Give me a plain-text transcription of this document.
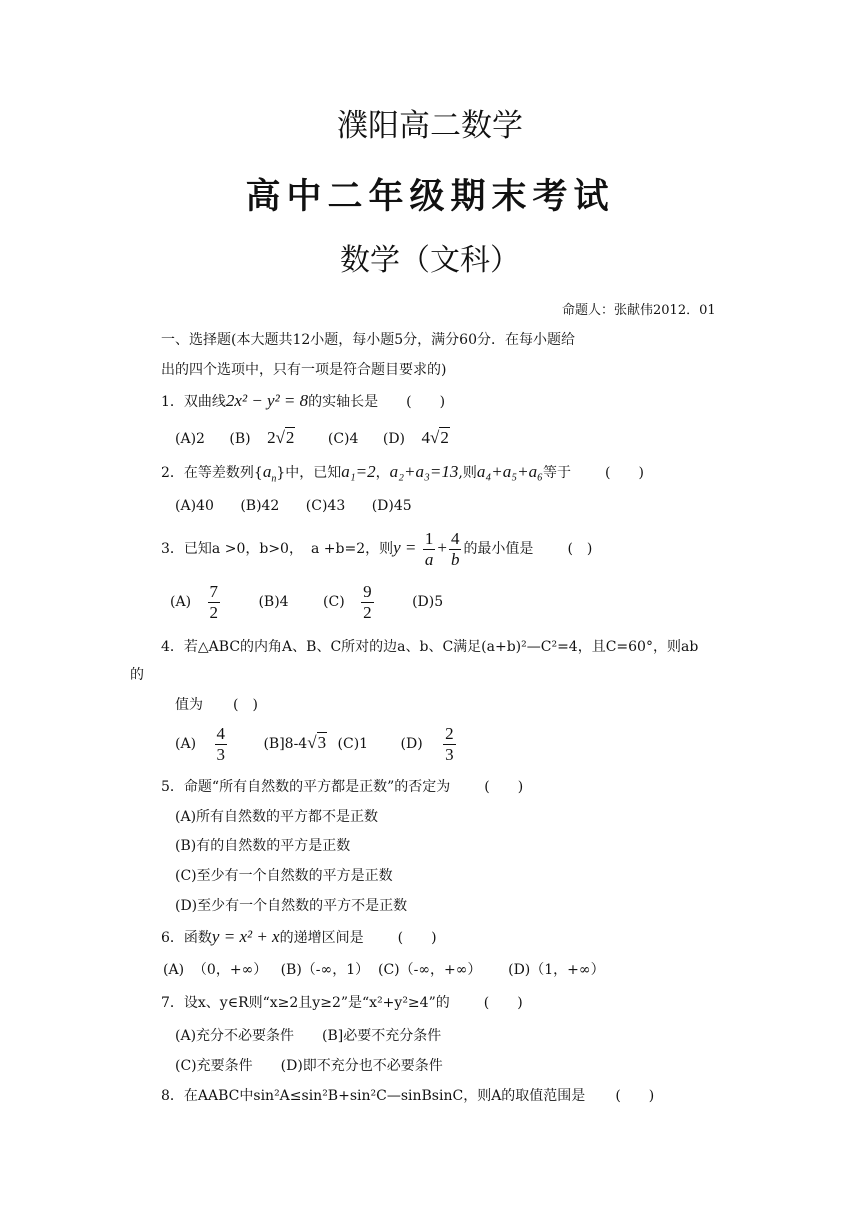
濮阳高二数学
高中二年级期末考试
数学（文科）
命题人：张献伟2012．01
一、选择题(本大题共12小题，每小题5分，满分60分．在每小题给
出的四个选项中，只有一项是符合题目要求的)
1．双曲线2x² − y² = 8的实轴长是 (　　)
(A)2 (B) 2√2 (C)4 (D) 4√2
2．在等差数列$\{a_n\}$中，已知a₁=2，a₂+a₃=13,则a₄+a₅+a₆等于 (　　)
(A)40 (B)42 (C)43 (D)45
3．已知a >0，b>0， a +b=2，则$y = \frac{1}{a} + \frac{4}{b}$ 的最小值是 (　)
$(A) \frac{7}{2}$	(B)4 $(C) \frac{9}{2}$	(D)5
4．若△ABC的内角A、B、C所对的边a、b、C满足(a+b)²—C²=4，且C=60°，则ab
的
值为 (　)
$(A) \frac{4}{3}$	(B]8-4√3 (C)1 $(D) \frac{2}{3}$
5．命题“所有自然数的平方都是正数”的否定为 (　　)
(A)所有自然数的平方都不是正数
(B)有的自然数的平方是正数
(C)至少有一个自然数的平方是正数
(D)至少有一个自然数的平方不是正数
6．函数y = x² + x的递增区间是 (　　)
(A)  （0，+∞）   (B)（-∞，1）  (C)（-∞，+∞）      (D)（1，+∞）
7．设x、y∈R则“x≥2且y≥2”是“x²+y²≥4”的 (　　)
(A)充分不必要条件　　(B]必要不充分条件
(C)充要条件　　(D)即不充分也不必要条件
8．在AABC中sin²A≤sin²B+sin²C—sinBsinC，则A的取值范围是 (　　)
